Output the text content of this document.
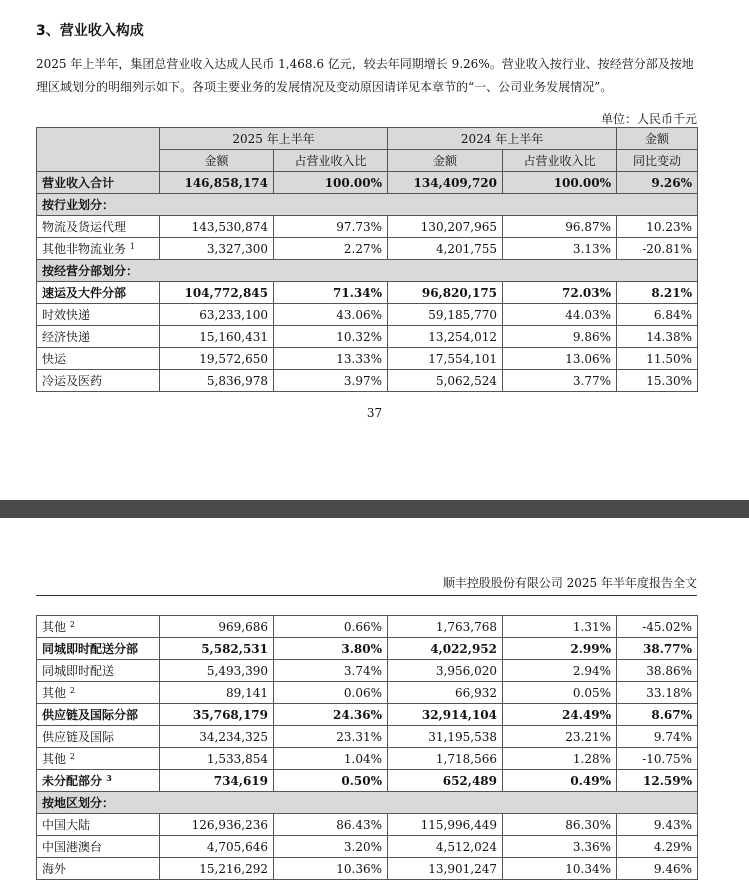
3、营业收入构成
2025 年上半年，集团总营业收入达成人民币 1,468.6 亿元，较去年同期增长 9.26%。营业收入按行业、按经营分部及按地理区域划分的明细列示如下。各项主要业务的发展情况及变动原因请详见本章节的“一、公司业务发展情况”。
单位：人民币千元
	2025 年上半年		2024 年上半年		金额
	金额	占营业收入比	金额	占营业收入比	同比变动
营业收入合计	146,858,174	100.00%	134,409,720	100.00%	9.26%
按行业划分：					
物流及货运代理	143,530,874	97.73%	130,207,965	96.87%	10.23%
其他非物流业务 $^1$	3,327,300	2.27%	4,201,755	3.13%	-20.81%
按经营分部划分：					
速运及大件分部	104,772,845	71.34%	96,820,175	72.03%	8.21%
时效快递	63,233,100	43.06%	59,185,770	44.03%	6.84%
经济快递	15,160,431	10.32%	13,254,012	9.86%	14.38%
快运	19,572,650	13.33%	17,554,101	13.06%	11.50%
冷运及医药	5,836,978	3.97%	5,062,524	3.77%	15.30%
37
顺丰控股股份有限公司 2025 年半年度报告全文
其他 $^2$	969,686	0.66%	1,763,768	1.31%	-45.02%
同城即时配送分部	5,582,531	3.80%	4,022,952	2.99%	38.77%
同城即时配送	5,493,390	3.74%	3,956,020	2.94%	38.86%
其他 $^2$	89,141	0.06%	66,932	0.05%	33.18%
供应链及国际分部	35,768,179	24.36%	32,914,104	24.49%	8.67%
供应链及国际	34,234,325	23.31%	31,195,538	23.21%	9.74%
其他 $^2$	1,533,854	1.04%	1,718,566	1.28%	-10.75%
未分配部分 $^3$	734,619	0.50%	652,489	0.49%	12.59%
按地区划分：					
中国大陆	126,936,236	86.43%	115,996,449	86.30%	9.43%
中国港澳台	4,705,646	3.20%	4,512,024	3.36%	4.29%
海外	15,216,292	10.36%	13,901,247	10.34%	9.46%
